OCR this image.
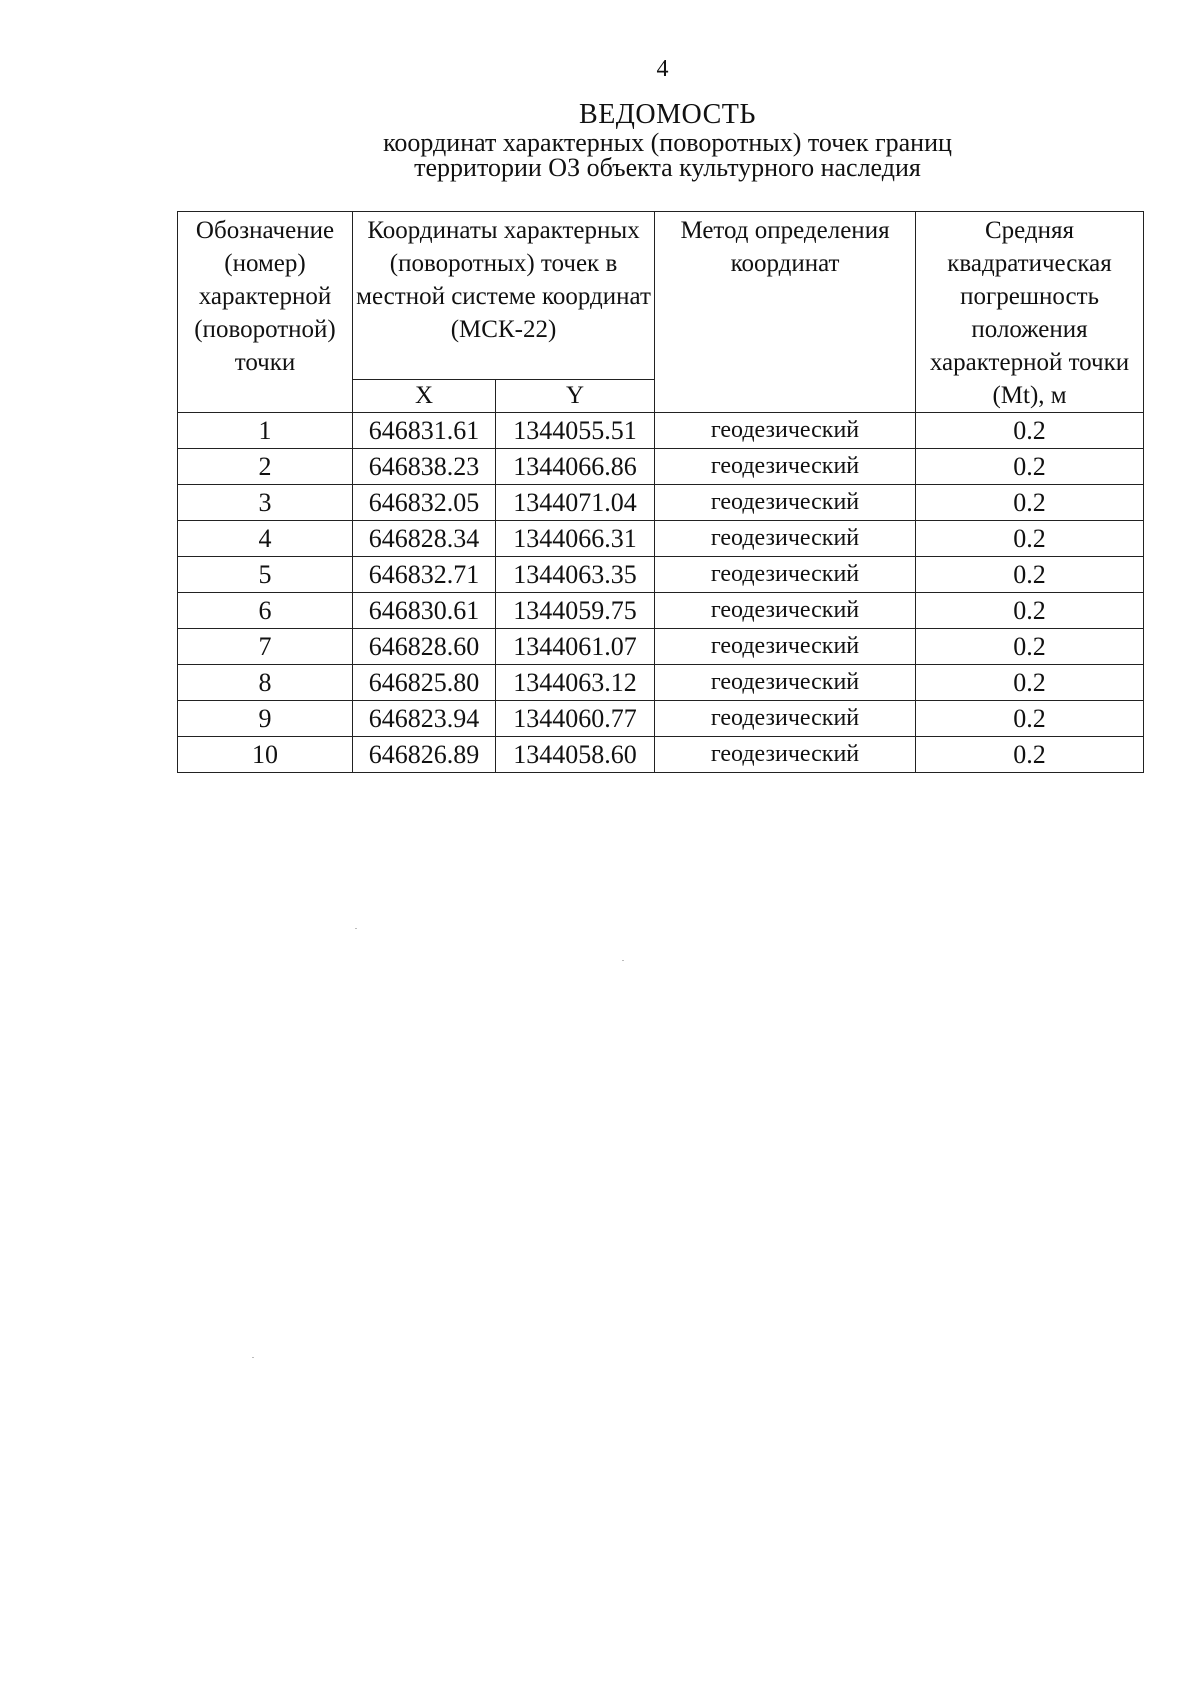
4
ВЕДОМОСТЬ
координат характерных (поворотных) точек границ
территории ОЗ объекта культурного наследия
Обозначение (номер) характерной (поворотной) точки	Координаты характерных (поворотных) точек в местной системе координат (МСК-22)		Метод определения координат	Средняя квадратическая погрешность положения характерной точки (Mt), м
	X	Y		
1	646831.61	1344055.51	геодезический	0.2
2	646838.23	1344066.86	геодезический	0.2
3	646832.05	1344071.04	геодезический	0.2
4	646828.34	1344066.31	геодезический	0.2
5	646832.71	1344063.35	геодезический	0.2
6	646830.61	1344059.75	геодезический	0.2
7	646828.60	1344061.07	геодезический	0.2
8	646825.80	1344063.12	геодезический	0.2
9	646823.94	1344060.77	геодезический	0.2
10	646826.89	1344058.60	геодезический	0.2
